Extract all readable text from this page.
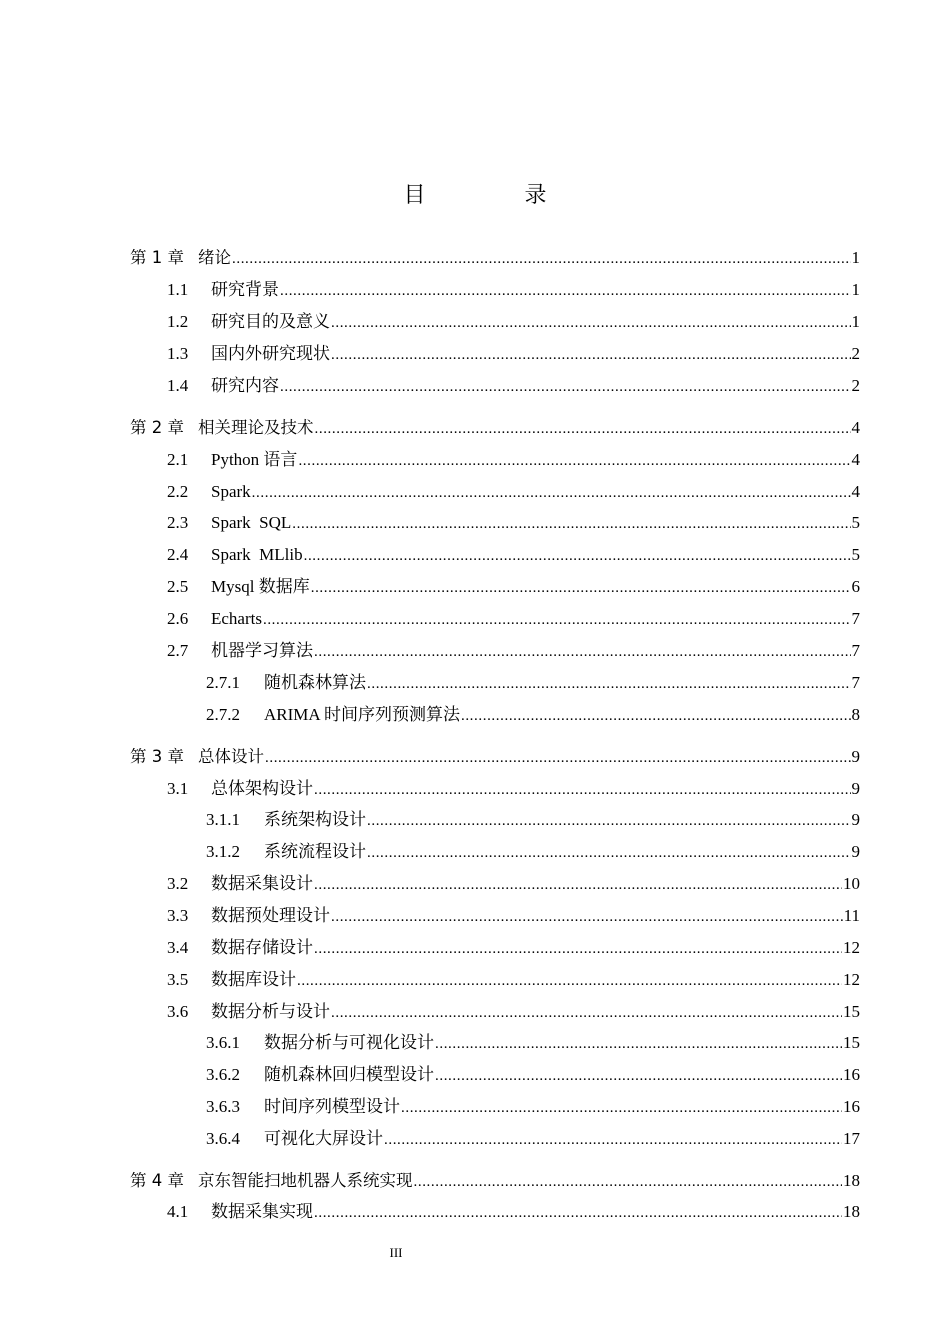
目 录
第 1 章 绪论 .....	1
1.1	研究背景 .....	1
1.2	研究目的及意义 .....	1
1.3	国内外研究现状 .....	2
1.4	研究内容 .....	2
第 2 章 相关理论及技术 .....	4
2.1	Python 语言 .....	4
2.2	Spark .....	4
2.3	Spark  SQL .....	5
2.4	Spark  MLlib .....	5
2.5	Mysql 数据库 .....	6
2.6	Echarts .....	7
2.7	机器学习算法 .....	7
2.7.1	随机森林算法 .....	7
2.7.2	ARIMA 时间序列预测算法 .....	8
第 3 章 总体设计 .....	9
3.1	总体架构设计 .....	9
3.1.1	系统架构设计 .....	9
3.1.2	系统流程设计 .....	9
3.2	数据采集设计 .....	10
3.3	数据预处理设计 .....	11
3.4	数据存储设计 .....	12
3.5	数据库设计 .....	12
3.6	数据分析与设计 .....	15
3.6.1	数据分析与可视化设计 .....	15
3.6.2	随机森林回归模型设计 .....	16
3.6.3	时间序列模型设计 .....	16
3.6.4	可视化大屏设计 .....	17
第 4 章 京东智能扫地机器人系统实现 .....	18
4.1	数据采集实现 .....	18
III
